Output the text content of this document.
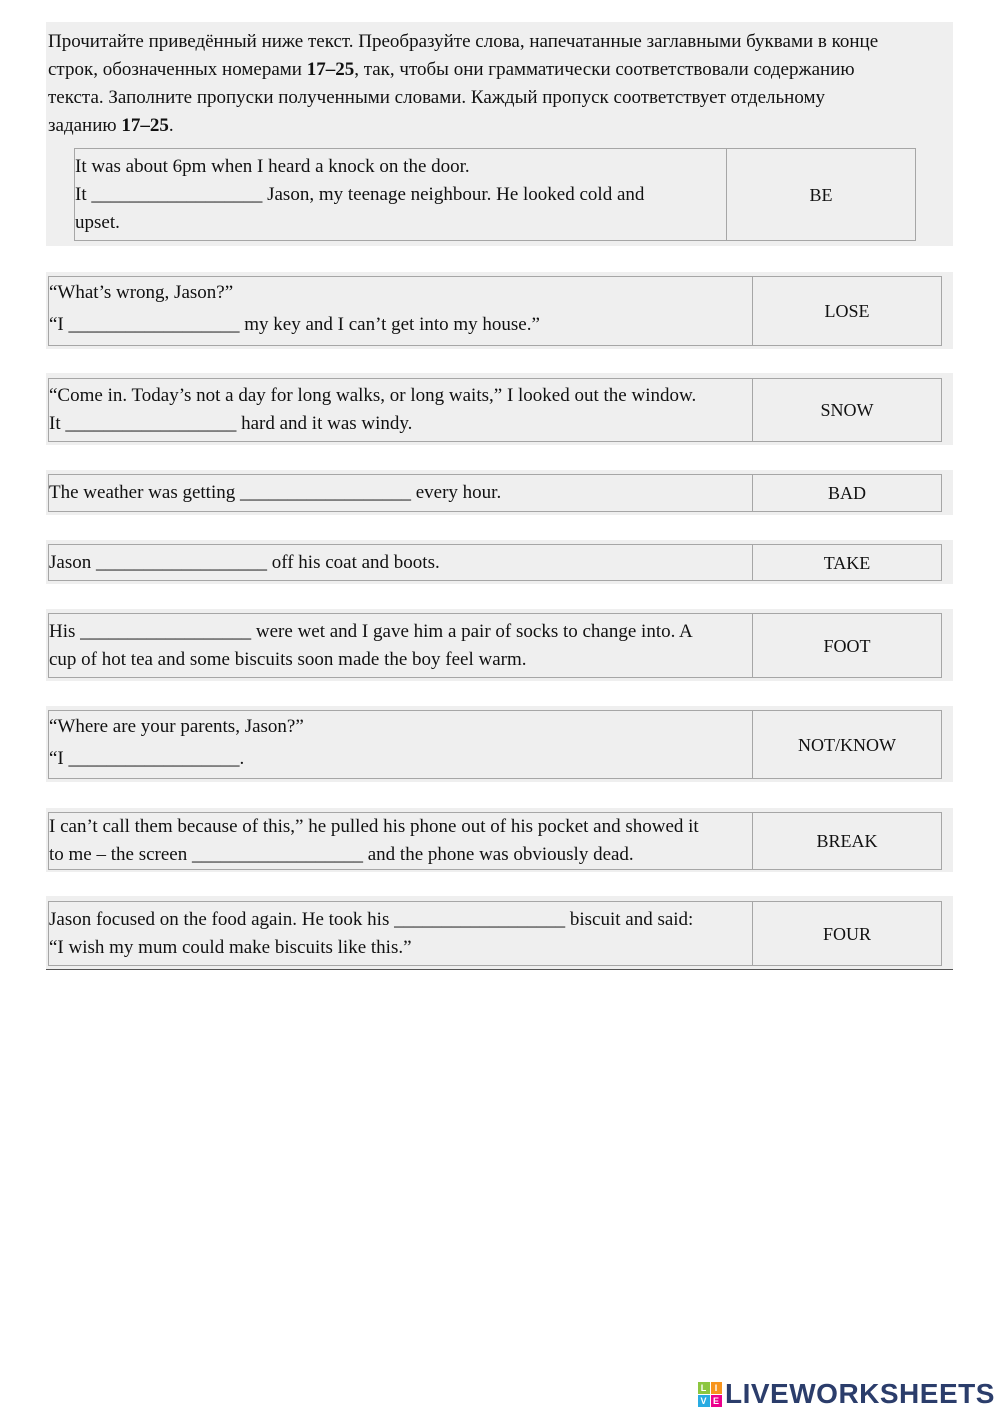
Прочитайте приведённый ниже текст. Преобразуйте слова, напечатанные заглавными буквами в конце
строк, обозначенных номерами 17–25, так, чтобы они грамматически соответствовали содержанию
текста. Заполните пропуски полученными словами. Каждый пропуск соответствует отдельному
заданию 17–25.
It was about 6pm when I heard a knock on the door.
It __________________ Jason, my teenage neighbour. He looked cold and
upset.
	BE
“What’s wrong, Jason?”
“I __________________ my key and I can’t get into my house.”
	LOSE
“Come in. Today’s not a day for long walks, or long waits,” I looked out the window.
It __________________ hard and it was windy.
	SNOW
The weather was getting __________________ every hour.	BAD
Jason __________________ off his coat and boots.	TAKE
His __________________ were wet and I gave him a pair of socks to change into. A
cup of hot tea and some biscuits soon made the boy feel warm.
	FOOT
“Where are your parents, Jason?”
“I __________________.
	NOT/KNOW
I can’t call them because of this,” he pulled his phone out of his pocket and showed it
to me – the screen __________________ and the phone was obviously dead.
	BREAK
Jason focused on the food again. He took his __________________ biscuit and said:
“I wish my mum could make biscuits like this.”
	FOUR
L I
V E LIVEWORKSHEETS
